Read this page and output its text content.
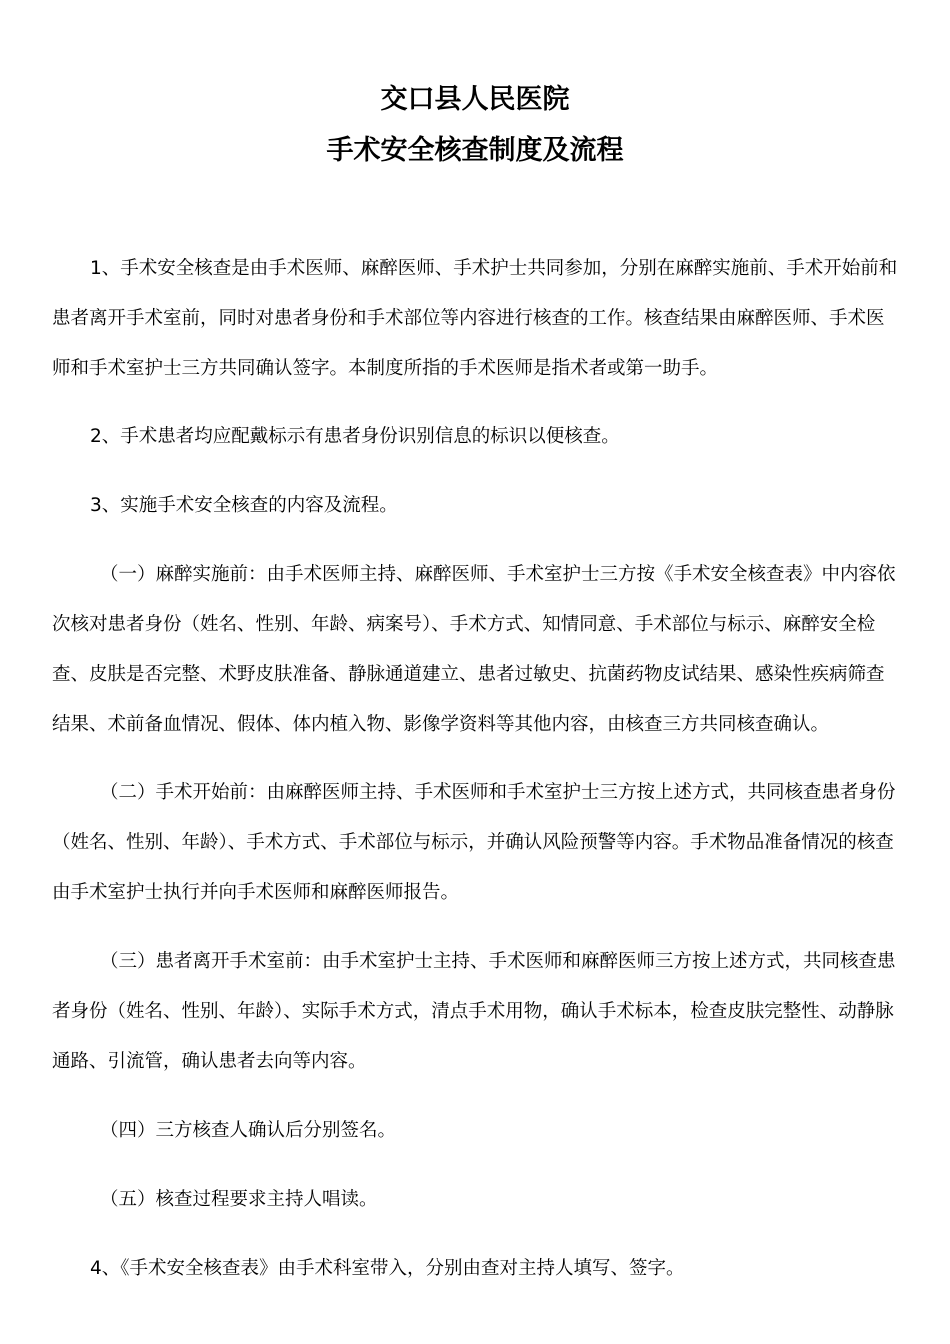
交口县人民医院
手术安全核查制度及流程

1、手术安全核查是由手术医师、麻醉医师、手术护士共同参加，分别在麻醉实施前、手术开始前和患者离开手术室前，同时对患者身份和手术部位等内容进行核查的工作。核查结果由麻醉医师、手术医师和手术室护士三方共同确认签字。本制度所指的手术医师是指术者或第一助手。

2、手术患者均应配戴标示有患者身份识别信息的标识以便核查。

3、实施手术安全核查的内容及流程。

（一）麻醉实施前：由手术医师主持、麻醉医师、手术室护士三方按《手术安全核查表》中内容依次核对患者身份（姓名、性别、年龄、病案号）、手术方式、知情同意、手术部位与标示、麻醉安全检查、皮肤是否完整、术野皮肤准备、静脉通道建立、患者过敏史、抗菌药物皮试结果、感染性疾病筛查结果、术前备血情况、假体、体内植入物、影像学资料等其他内容，由核查三方共同核查确认。

（二）手术开始前：由麻醉医师主持、手术医师和手术室护士三方按上述方式，共同核查患者身份（姓名、性别、年龄）、手术方式、手术部位与标示，并确认风险预警等内容。手术物品准备情况的核查由手术室护士执行并向手术医师和麻醉医师报告。

（三）患者离开手术室前：由手术室护士主持、手术医师和麻醉医师三方按上述方式，共同核查患者身份（姓名、性别、年龄）、实际手术方式，清点手术用物，确认手术标本，检查皮肤完整性、动静脉通路、引流管，确认患者去向等内容。

（四）三方核查人确认后分别签名。

（五）核查过程要求主持人唱读。

4、《手术安全核查表》由手术科室带入，分别由查对主持人填写、签字。
